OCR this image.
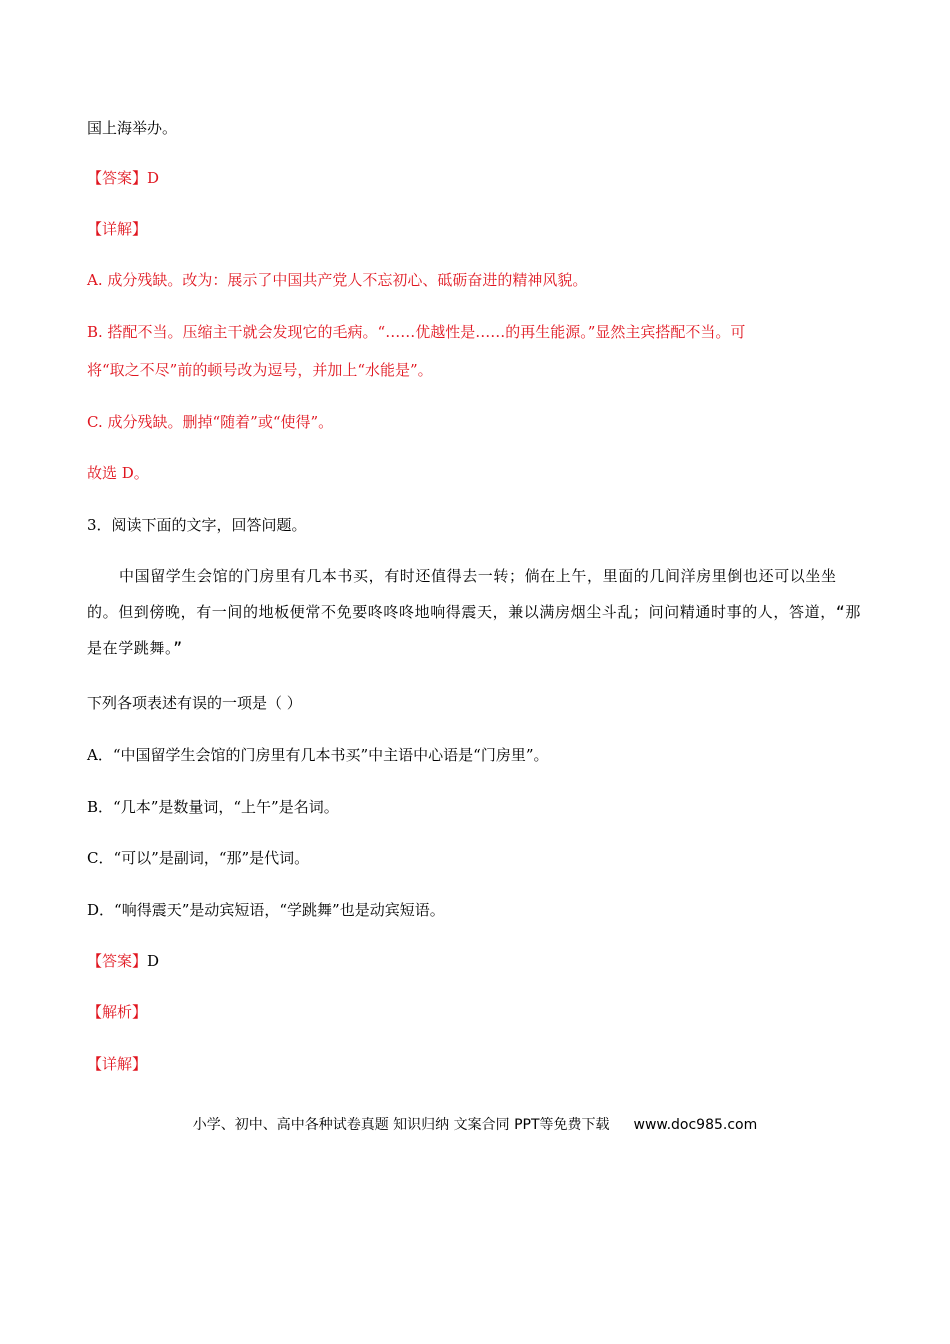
国上海举办。
【答案】D
【详解】
A. 成分残缺。改为：展示了中国共产党人不忘初心、砥砺奋进的精神风貌。
B. 搭配不当。压缩主干就会发现它的毛病。“……优越性是……的再生能源。”显然主宾搭配不当。可
将“取之不尽”前的顿号改为逗号，并加上“水能是”。
C. 成分残缺。删掉“随着”或“使得”。
故选 D。
3．阅读下面的文字，回答问题。
中国留学生会馆的门房里有几本书买，有时还值得去一转；倘在上午，里面的几间洋房里倒也还可以坐坐的。但到傍晚，有一间的地板便常不免要咚咚咚地响得震天，兼以满房烟尘斗乱；问问精通时事的人，答道，“那是在学跳舞。”
下列各项表述有误的一项是（ ）
A．“中国留学生会馆的门房里有几本书买”中主语中心语是“门房里”。
B．“几本”是数量词，“上午”是名词。
C．“可以”是副词，“那”是代词。
D．“响得震天”是动宾短语，“学跳舞”也是动宾短语。
【答案】D
【解析】
【详解】
小学、初中、高中各种试卷真题 知识归纳 文案合同 PPT等免费下载 www.doc985.com
